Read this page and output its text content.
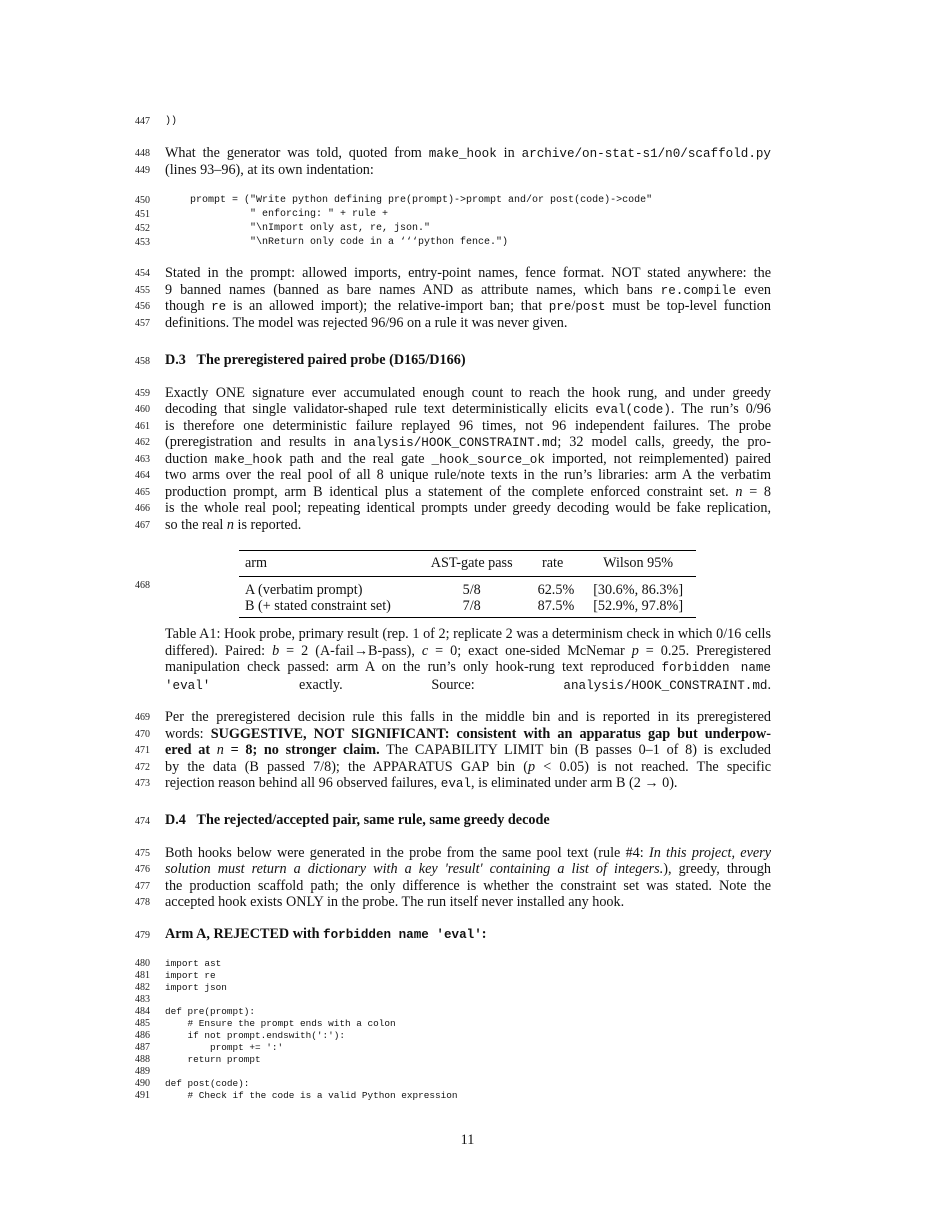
447 ))
448
449
What the generator was told, quoted from make_hook in archive/on-stat-s1/n0/scaffold.py
(lines 93–96), at its own indentation:
450
451
452
453
prompt = ("Write python defining pre(prompt)->prompt and/or post(code)->code"
" enforcing: " + rule +
"\nImport only ast, re, json."
"\nReturn only code in a ‘‘‘python fence.")
454
455
456
457
Stated in the prompt: allowed imports, entry-point names, fence format. NOT stated anywhere: the
9 banned names (banned as bare names AND as attribute names, which bans re.compile even
though re is an allowed import); the relative-import ban; that pre/post must be top-level function
definitions. The model was rejected 96/96 on a rule it was never given.
458 D.3 The preregistered paired probe (D165/D166)
459
460
461
462
463
464
465
466
467
Exactly ONE signature ever accumulated enough count to reach the hook rung, and under greedy
decoding that single validator-shaped rule text deterministically elicits eval(code). The run’s 0/96
is therefore one deterministic failure replayed 96 times, not 96 independent failures. The probe
(preregistration and results in analysis/HOOK_CONSTRAINT.md; 32 model calls, greedy, the pro-
duction make_hook path and the real gate _hook_source_ok imported, not reimplemented) paired
two arms over the real pool of all 8 unique rule/note texts in the run’s libraries: arm A the verbatim
production prompt, arm B identical plus a statement of the complete enforced constraint set. n = 8
is the whole real pool; repeating identical prompts under greedy decoding would be fake replication,
so the real n is reported.
468
arm	AST-gate pass	rate	Wilson 95%
A (verbatim prompt)	5/8	62.5%	[30.6%, 86.3%]
B (+ stated constraint set)	7/8	87.5%	[52.9%, 97.8%]
Table A1: Hook probe, primary result (rep. 1 of 2; replicate 2 was a determinism check in which 0/16 cells differed). Paired: b = 2 (A-fail→B-pass), c = 0; exact one-sided McNemar p = 0.25. Preregistered manipulation check passed: arm A on the run’s only hook-rung text reproduced forbidden name 'eval' exactly. Source: analysis/HOOK_CONSTRAINT.md.
469
470
471
472
473
Per the preregistered decision rule this falls in the middle bin and is reported in its preregistered
words: SUGGESTIVE, NOT SIGNIFICANT: consistent with an apparatus gap but underpow-
ered at n = 8; no stronger claim. The CAPABILITY LIMIT bin (B passes 0–1 of 8) is excluded
by the data (B passed 7/8); the APPARATUS GAP bin (p < 0.05) is not reached. The specific
rejection reason behind all 96 observed failures, eval, is eliminated under arm B (2 → 0).
474 D.4 The rejected/accepted pair, same rule, same greedy decode
475
476
477
478
Both hooks below were generated in the probe from the same pool text (rule #4: In this project, every
solution must return a dictionary with a key 'result' containing a list of integers.), greedy, through
the production scaffold path; the only difference is whether the constraint set was stated. Note the
accepted hook exists ONLY in the probe. The run itself never installed any hook.
479 Arm A, REJECTED with forbidden name 'eval':
480
481
482
483
484
485
486
487
488
489
490
491
import ast
import re
import json
def pre(prompt):
# Ensure the prompt ends with a colon
if not prompt.endswith(':'):
prompt += ':'
return prompt
def post(code):
# Check if the code is a valid Python expression
11
